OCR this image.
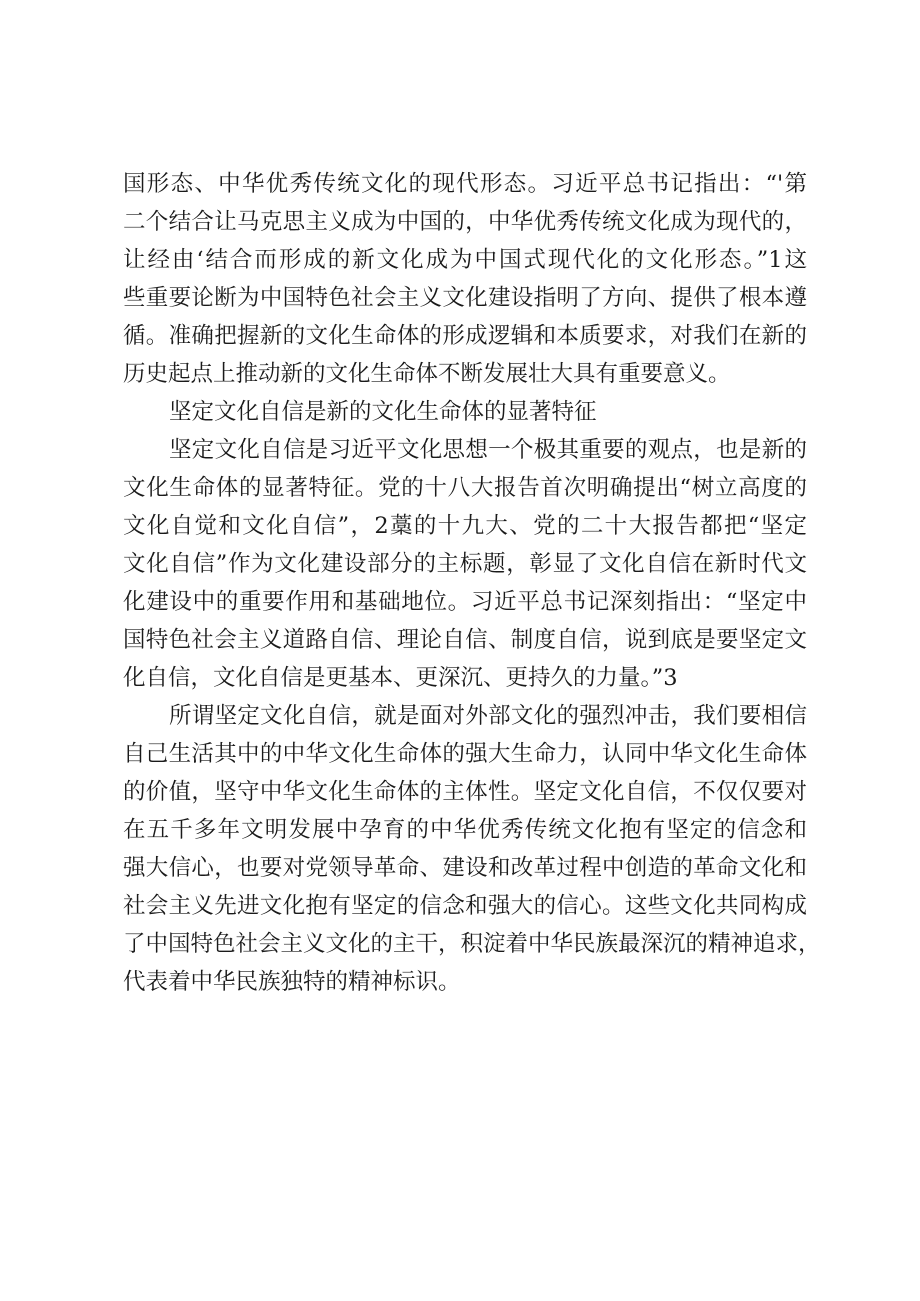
国形态、中华优秀传统文化的现代形态。习近平总书记指出：“'第
二个结合让马克思主义成为中国的，中华优秀传统文化成为现代的，
让经由‘结合而形成的新文化成为中国式现代化的文化形态。”1这
些重要论断为中国特色社会主义文化建设指明了方向、提供了根本遵
循。准确把握新的文化生命体的形成逻辑和本质要求，对我们在新的
历史起点上推动新的文化生命体不断发展壮大具有重要意义。
坚定文化自信是新的文化生命体的显著特征
坚定文化自信是习近平文化思想一个极其重要的观点，也是新的
文化生命体的显著特征。党的十八大报告首次明确提出“树立高度的
文化自觉和文化自信”，2藁的十九大、党的二十大报告都把“坚定
文化自信”作为文化建设部分的主标题，彰显了文化自信在新时代文
化建设中的重要作用和基础地位。习近平总书记深刻指出：“坚定中
国特色社会主义道路自信、理论自信、制度自信，说到底是要坚定文
化自信，文化自信是更基本、更深沉、更持久的力量。”3
所谓坚定文化自信，就是面对外部文化的强烈冲击，我们要相信
自己生活其中的中华文化生命体的强大生命力，认同中华文化生命体
的价值，坚守中华文化生命体的主体性。坚定文化自信，不仅仅要对
在五千多年文明发展中孕育的中华优秀传统文化抱有坚定的信念和
强大信心，也要对党领导革命、建设和改革过程中创造的革命文化和
社会主义先进文化抱有坚定的信念和强大的信心。这些文化共同构成
了中国特色社会主义文化的主干，积淀着中华民族最深沉的精神追求，
代表着中华民族独特的精神标识。
